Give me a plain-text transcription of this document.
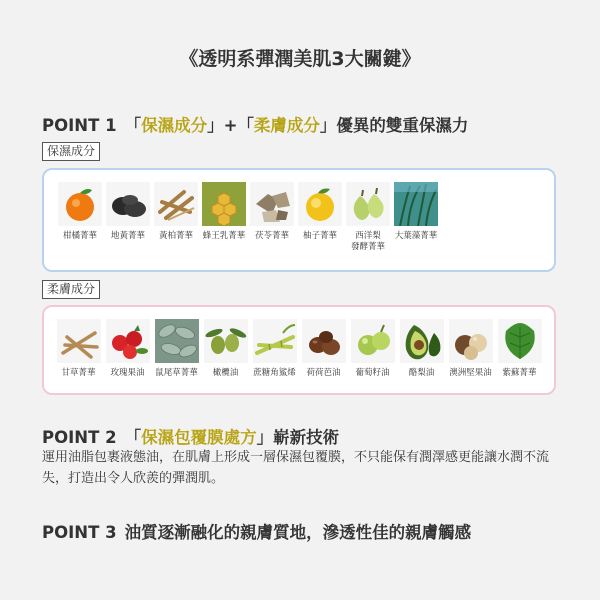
《透明系彈潤美肌3大關鍵》
POINT 1 「保濕成分」+「柔膚成分」優異的雙重保濕力
保濕成分
柑橘菁華	地黃菁華	黃柏菁華	蜂王乳菁華	茯苓菁華	柚子菁華	西洋梨
發酵菁華
大葉藻菁華
柔膚成分
甘草菁華	玫瑰果油	鼠尾草菁華	橄欖油	蔗糖角鯊烯	荷荷芭油	葡萄籽油	酪梨油	澳洲堅果油	紫蘇菁華
POINT 2 「保濕包覆膜處方」嶄新技術
運用油脂包裹液態油，在肌膚上形成一層保濕包覆膜，不只能保有潤澤感更能讓水潤不流失，打造出令人欣羨的彈潤肌。
POINT 3 油質逐漸融化的親膚質地，滲透性佳的親膚觸感
